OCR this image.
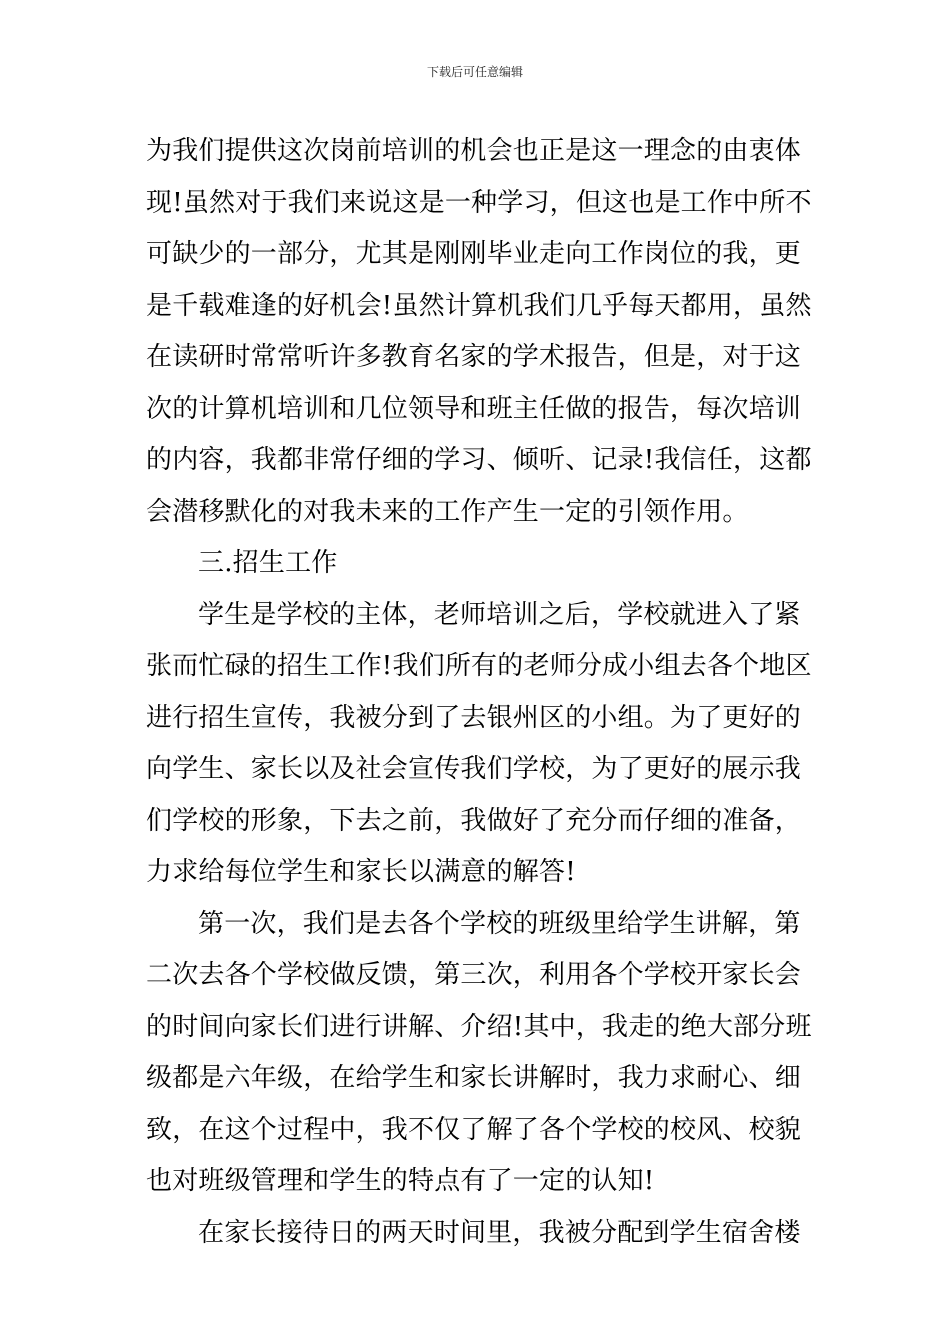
下载后可任意编辑
为我们提供这次岗前培训的机会也正是这一理念的由衷体
现!虽然对于我们来说这是一种学习，但这也是工作中所不
可缺少的一部分，尤其是刚刚毕业走向工作岗位的我，更
是千载难逢的好机会!虽然计算机我们几乎每天都用，虽然
在读研时常常听许多教育名家的学术报告，但是，对于这
次的计算机培训和几位领导和班主任做的报告，每次培训
的内容，我都非常仔细的学习、倾听、记录!我信任，这都
会潜移默化的对我未来的工作产生一定的引领作用。
三.招生工作
学生是学校的主体，老师培训之后，学校就进入了紧
张而忙碌的招生工作!我们所有的老师分成小组去各个地区
进行招生宣传，我被分到了去银州区的小组。为了更好的
向学生、家长以及社会宣传我们学校，为了更好的展示我
们学校的形象，下去之前，我做好了充分而仔细的准备，
力求给每位学生和家长以满意的解答!
第一次，我们是去各个学校的班级里给学生讲解，第
二次去各个学校做反馈，第三次，利用各个学校开家长会
的时间向家长们进行讲解、介绍!其中，我走的绝大部分班
级都是六年级，在给学生和家长讲解时，我力求耐心、细
致，在这个过程中，我不仅了解了各个学校的校风、校貌
也对班级管理和学生的特点有了一定的认知!
在家长接待日的两天时间里，我被分配到学生宿舍楼
